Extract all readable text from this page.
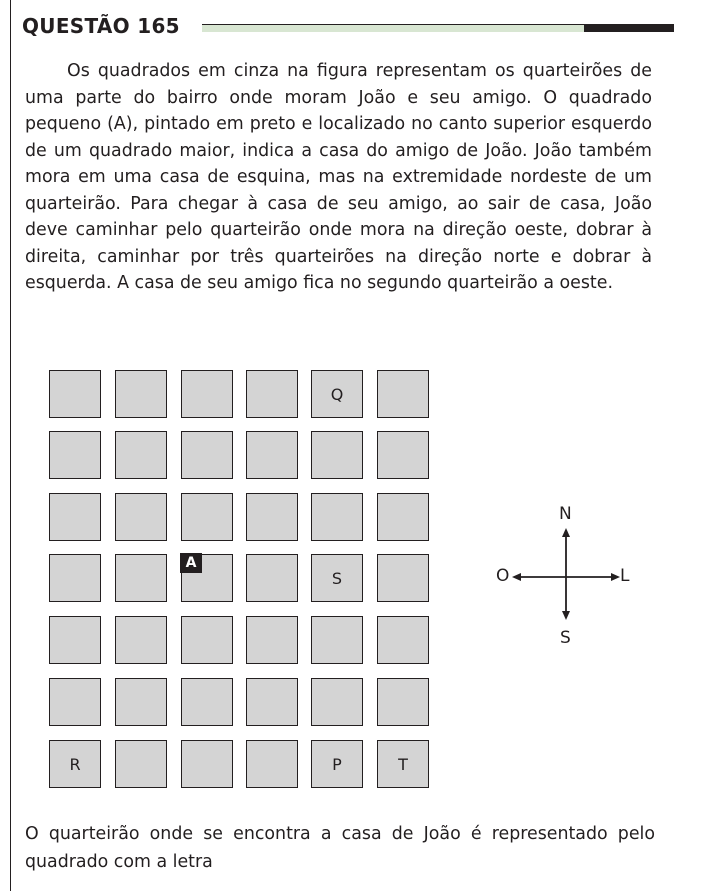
QUESTÃO 165
Os quadrados em cinza na figura representam os quarteirões de uma parte do bairro onde moram João e seu amigo. O quadrado pequeno (A), pintado em preto e localizado no canto superior esquerdo de um quadrado maior, indica a casa do amigo de João. João também mora em uma casa de esquina, mas na extremidade nordeste de um quarteirão. Para chegar à casa de seu amigo, ao sair de casa, João deve caminhar pelo quarteirão onde mora na direção oeste, dobrar à direita, caminhar por três quarteirões na direção norte e dobrar à esquerda. A casa de seu amigo fica no segundo quarteirão a oeste.
Q
A
S
R	P	T
N
S
O	L
O quarteirão onde se encontra a casa de João é representado pelo quadrado com a letra
